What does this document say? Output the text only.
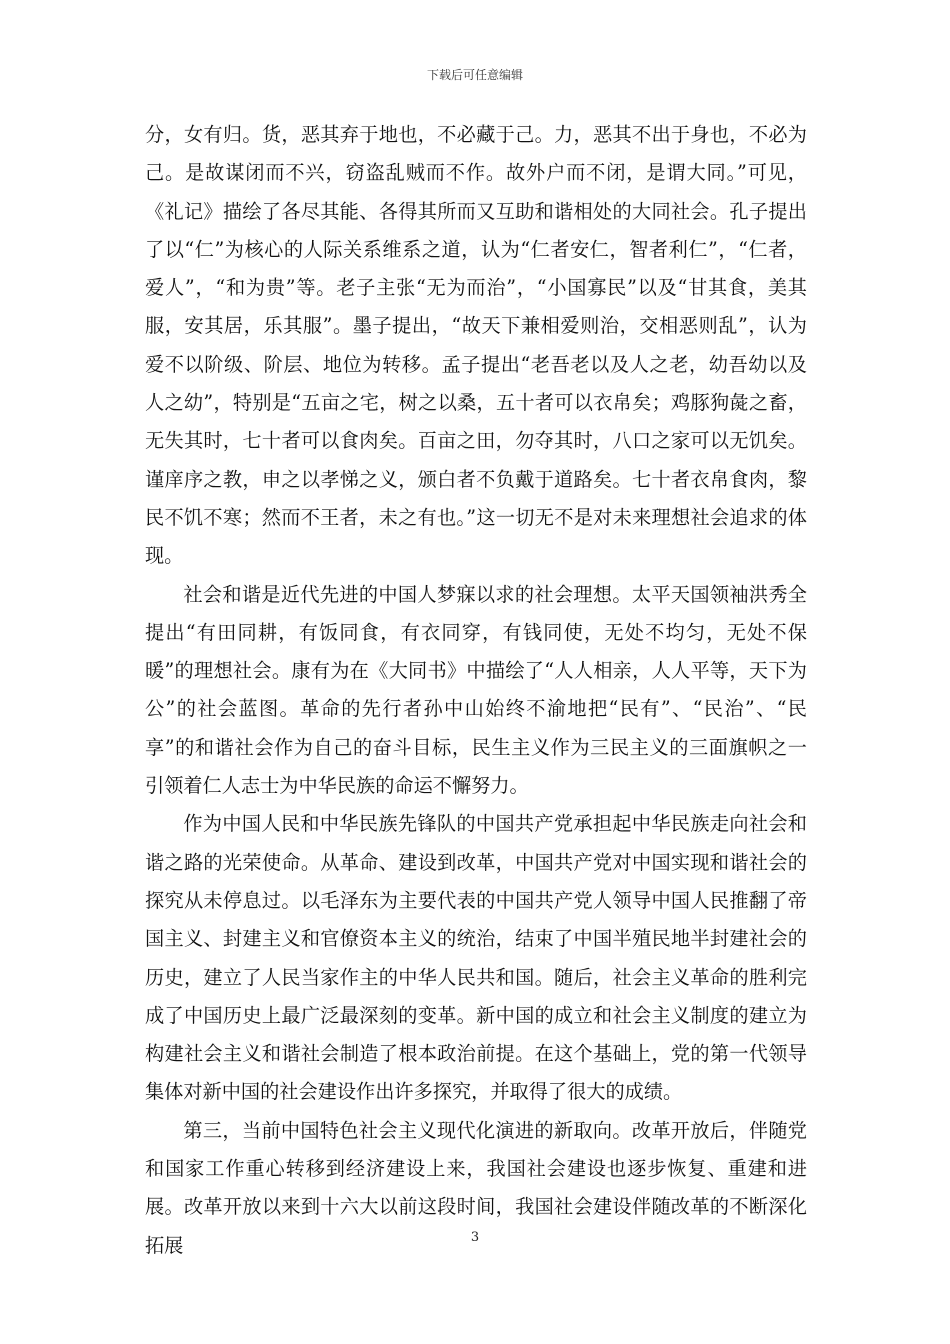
下载后可任意编辑

分，女有归。货，恶其弃于地也，不必藏于己。力，恶其不出于身也，不必为己。是故谋闭而不兴，窃盗乱贼而不作。故外户而不闭，是谓大同。”可见，《礼记》描绘了各尽其能、各得其所而又互助和谐相处的大同社会。孔子提出了以“仁”为核心的人际关系维系之道，认为“仁者安仁，智者利仁”，“仁者，爱人”，“和为贵”等。老子主张“无为而治”，“小国寡民”以及“甘其食，美其服，安其居，乐其服”。墨子提出，“故天下兼相爱则治，交相恶则乱”，认为爱不以阶级、阶层、地位为转移。孟子提出“老吾老以及人之老，幼吾幼以及人之幼”，特别是“五亩之宅，树之以桑，五十者可以衣帛矣；鸡豚狗彘之畜，无失其时，七十者可以食肉矣。百亩之田，勿夺其时，八口之家可以无饥矣。谨庠序之教，申之以孝悌之义，颁白者不负戴于道路矣。七十者衣帛食肉，黎民不饥不寒；然而不王者，未之有也。”这一切无不是对未来理想社会追求的体现。

社会和谐是近代先进的中国人梦寐以求的社会理想。太平天国领袖洪秀全提出“有田同耕，有饭同食，有衣同穿，有钱同使，无处不均匀，无处不保暖”的理想社会。康有为在《大同书》中描绘了“人人相亲，人人平等，天下为公”的社会蓝图。革命的先行者孙中山始终不渝地把“民有”、“民治”、“民享”的和谐社会作为自己的奋斗目标，民生主义作为三民主义的三面旗帜之一引领着仁人志士为中华民族的命运不懈努力。

作为中国人民和中华民族先锋队的中国共产党承担起中华民族走向社会和谐之路的光荣使命。从革命、建设到改革，中国共产党对中国实现和谐社会的探究从未停息过。以毛泽东为主要代表的中国共产党人领导中国人民推翻了帝国主义、封建主义和官僚资本主义的统治，结束了中国半殖民地半封建社会的历史，建立了人民当家作主的中华人民共和国。随后，社会主义革命的胜利完成了中国历史上最广泛最深刻的变革。新中国的成立和社会主义制度的建立为构建社会主义和谐社会制造了根本政治前提。在这个基础上，党的第一代领导集体对新中国的社会建设作出许多探究，并取得了很大的成绩。

第三，当前中国特色社会主义现代化演进的新取向。改革开放后，伴随党和国家工作重心转移到经济建设上来，我国社会建设也逐步恢复、重建和进展。改革开放以来到十六大以前这段时间，我国社会建设伴随改革的不断深化拓展	3
